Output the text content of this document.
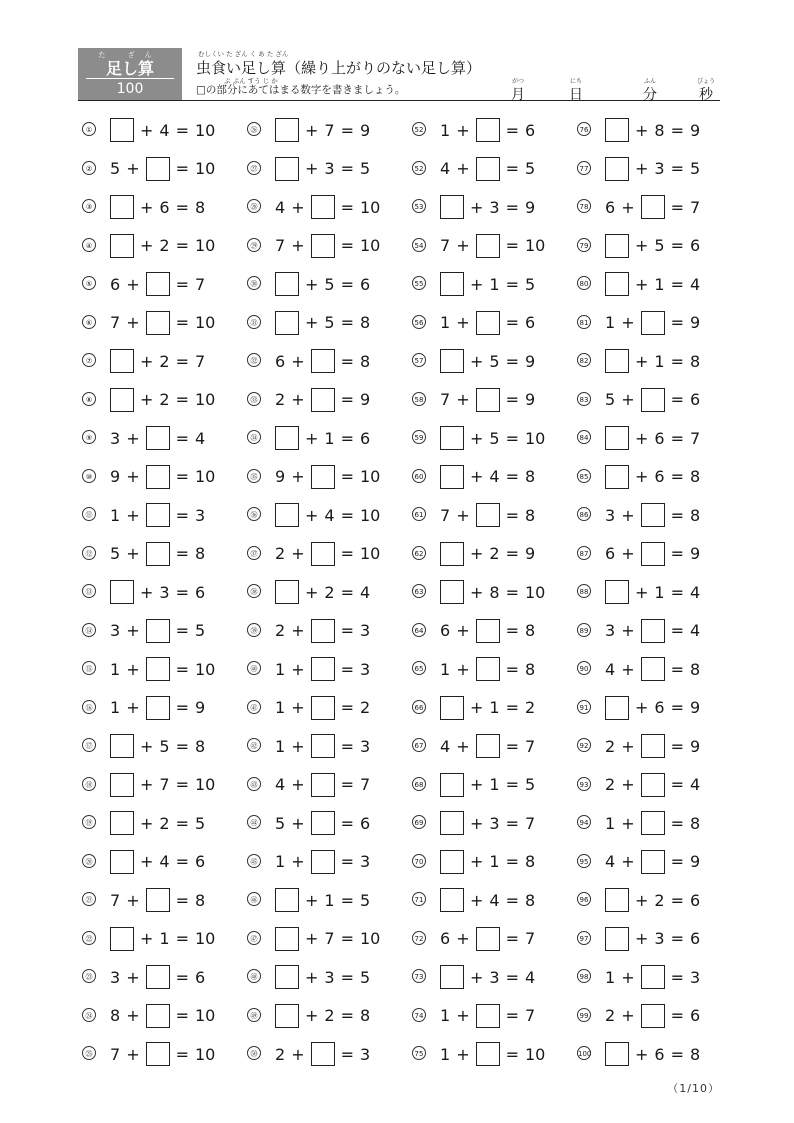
た ざん
足し算
100
むしくい た ざん く あ た ざん
虫食い足し算（繰り上がりのない足し算）
ぶ ぶん すう じ か
□の部分にあてはまる数字を書きましょう。
がつ
月
にち
日
ふん
分
びょう
秒
①	+ 4 = 10
② 5 + = 10
③	+ 6 = 8
④	+ 2 = 10
⑤ 6 + = 7
⑥ 7 + = 10
⑦	+ 2 = 7
⑧	+ 2 = 10
⑨ 3 + = 4
⑩ 9 + = 10
⑪ 1 + = 3
⑫ 5 + = 8
⑬	+ 3 = 6
⑭ 3 + = 5
⑮ 1 + = 10
⑯ 1 + = 9
⑰	+ 5 = 8
⑱	+ 7 = 10
⑲	+ 2 = 5
⑳	+ 4 = 6
㉑ 7 + = 8
㉒	+ 1 = 10
㉓ 3 + = 6
㉔ 8 + = 10
㉕ 7 + = 10
㉖	+ 7 = 9
㉗	+ 3 = 5
㉘ 4 + = 10
㉙ 7 + = 10
㉚	+ 5 = 6
㉛	+ 5 = 8
㉜ 6 + = 8
㉝ 2 + = 9
㉞	+ 1 = 6
㉟ 9 + = 10
㊱	+ 4 = 10
㊲ 2 + = 10
㊳	+ 2 = 4
㊴ 2 + = 3
㊵ 1 + = 3
㊶ 1 + = 2
㊷ 1 + = 3
㊸ 4 + = 7
㊹ 5 + = 6
㊺ 1 + = 3
㊻	+ 1 = 5
㊼	+ 7 = 10
㊽	+ 3 = 5
㊾	+ 2 = 8
㊿ 2 + = 3
52 1 + = 6
52 4 + = 5
53	+ 3 = 9
54 7 + = 10
55	+ 1 = 5
56 1 + = 6
57	+ 5 = 9
58 7 + = 9
59	+ 5 = 10
60	+ 4 = 8
61 7 + = 8
62	+ 2 = 9
63	+ 8 = 10
64 6 + = 8
65 1 + = 8
66	+ 1 = 2
67 4 + = 7
68	+ 1 = 5
69	+ 3 = 7
70	+ 1 = 8
71	+ 4 = 8
72 6 + = 7
73	+ 3 = 4
74 1 + = 7
75 1 + = 10
76	+ 8 = 9
77	+ 3 = 5
78 6 + = 7
79	+ 5 = 6
80	+ 1 = 4
81 1 + = 9
82	+ 1 = 8
83 5 + = 6
84	+ 6 = 7
85	+ 6 = 8
86 3 + = 8
87 6 + = 9
88	+ 1 = 4
89 3 + = 4
90 4 + = 8
91	+ 6 = 9
92 2 + = 9
93 2 + = 4
94 1 + = 8
95 4 + = 9
96	+ 2 = 6
97	+ 3 = 6
98 1 + = 3
99 2 + = 6
100	+ 6 = 8
（1/10）
